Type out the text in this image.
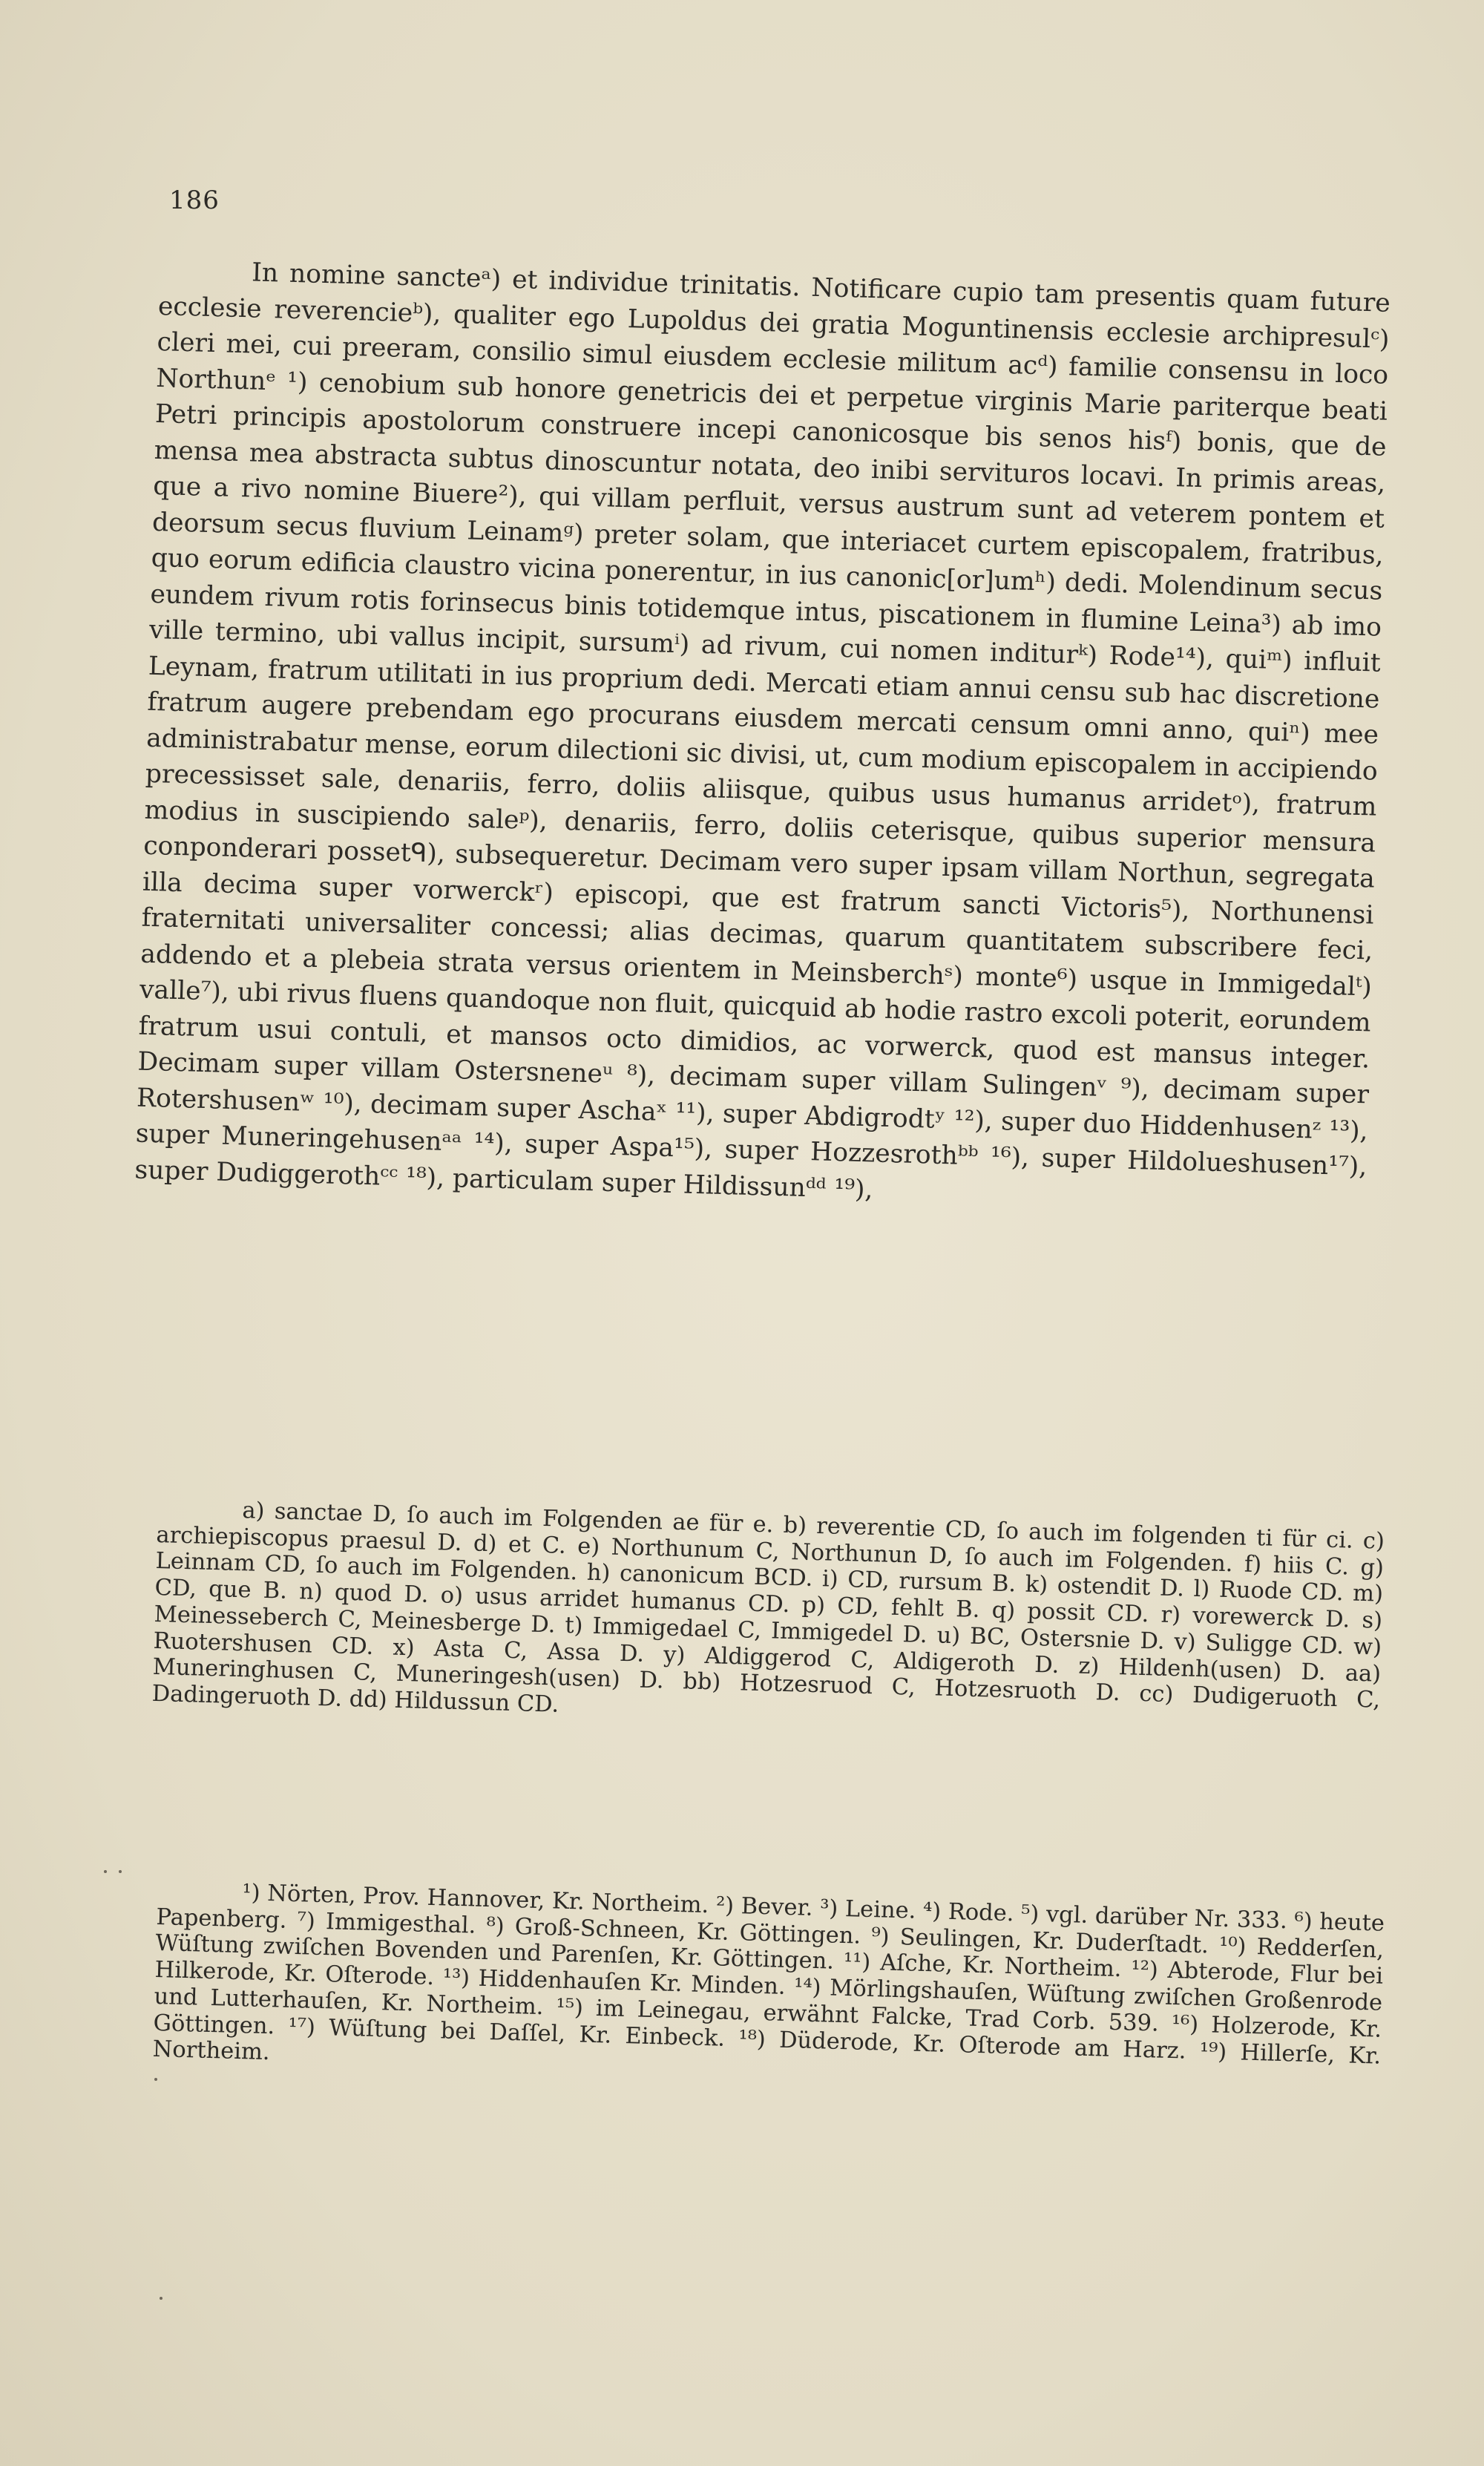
186

In nomine sancteᵃ) et individue trinitatis. Notificare cupio tam presentis quam future ecclesie reverencieᵇ), qualiter ego Lupoldus dei gratia Moguntinensis ecclesie archipresulᶜ) cleri mei, cui preeram, consilio simul eiusdem ecclesie militum acᵈ) familie consensu in loco Northunᵉ ¹) cenobium sub honore genetricis dei et perpetue virginis Marie pariterque beati Petri principis apostolorum construere incepi canonicosque bis senos hisᶠ) bonis, que de mensa mea abstracta subtus dinoscuntur notata, deo inibi servituros locavi. In primis areas, que a rivo nomine Biuere²), qui villam perfluit, versus austrum sunt ad veterem pontem et deorsum secus fluvium Leinamᵍ) preter solam, que interiacet curtem episcopalem, fratribus, quo eorum edificia claustro vicina ponerentur, in ius canonic[or]umʰ) dedi. Molendinum secus eundem rivum rotis forinsecus binis totidemque intus, piscationem in flumine Leina³) ab imo ville termino, ubi vallus incipit, sursumⁱ) ad rivum, cui nomen inditurᵏ) Rode¹⁴), quiᵐ) influit Leynam, fratrum utilitati in ius proprium dedi. Mercati etiam annui censu sub hac discretione fratrum augere prebendam ego procurans eiusdem mercati censum omni anno, quiⁿ) mee administrabatur mense, eorum dilectioni sic divisi, ut, cum modium episcopalem in accipiendo precessisset sale, denariis, ferro, doliis aliisque, quibus usus humanus arridetᵒ), fratrum modius in suscipiendo saleᵖ), denariis, ferro, doliis ceterisque, quibus superior mensura conponderari possetᑫ), subsequeretur. Decimam vero super ipsam villam Northun, segregata illa decima super vorwerckʳ) episcopi, que est fratrum sancti Victoris⁵), Northunensi fraternitati universaliter concessi; alias decimas, quarum quantitatem subscribere feci, addendo et a plebeia strata versus orientem in Meinsberchˢ) monte⁶) usque in Immigedalᵗ) valle⁷), ubi rivus fluens quandoque non fluit, quicquid ab hodie rastro excoli poterit, eorundem fratrum usui contuli, et mansos octo dimidios, ac vorwerck, quod est mansus integer. Decimam super villam Ostersneneᵘ ⁸), decimam super villam Sulingenᵛ ⁹), decimam super Rotershusenʷ ¹⁰), decimam super Aschaˣ ¹¹), super Abdigrodtʸ ¹²), super duo Hiddenhusenᶻ ¹³), super Muneringehusenᵃᵃ ¹⁴), super Aspa¹⁵), super Hozzesrothᵇᵇ ¹⁶), super Hildolueshusen¹⁷), super Dudiggerothᶜᶜ ¹⁸), particulam super Hildissunᵈᵈ ¹⁹),

a) sanctae D, ſo auch im Folgenden ae für e. b) reverentie CD, ſo auch im folgenden ti für ci. c) archiepiscopus praesul D. d) et C. e) Northunum C, Northunun D, ſo auch im Folgenden. f) hiis C. g) Leinnam CD, ſo auch im Folgenden. h) canonicum BCD. i) CD, rursum B. k) ostendit D. l) Ruode CD. m) CD, que B. n) quod D. o) usus arridet humanus CD. p) CD, fehlt B. q) possit CD. r) vorewerck D. s) Meinesseberch C, Meinesberge D. t) Immigedael C, Immigedel D. u) BC, Ostersnie D. v) Suligge CD. w) Ruotershusen CD. x) Asta C, Assa D. y) Aldiggerod C, Aldigeroth D. z) Hildenh(usen) D. aa) Muneringhusen C, Muneringesh(usen) D. bb) Hotzesruod C, Hotzesruoth D. cc) Dudigeruoth C, Dadingeruoth D. dd) Hildussun CD.

¹) Nörten, Prov. Hannover, Kr. Northeim. ²) Bever. ³) Leine. ⁴) Rode. ⁵) vgl. darüber Nr. 333. ⁶) heute Papenberg. ⁷) Immigesthal. ⁸) Groß-Schneen, Kr. Göttingen. ⁹) Seulingen, Kr. Duderſtadt. ¹⁰) Redderſen, Wüſtung zwiſchen Bovenden und Parenſen, Kr. Göttingen. ¹¹) Aſche, Kr. Northeim. ¹²) Abterode, Flur bei Hilkerode, Kr. Oſterode. ¹³) Hiddenhauſen Kr. Minden. ¹⁴) Mörlingshauſen, Wüſtung zwiſchen Großenrode und Lutterhauſen, Kr. Northeim. ¹⁵) im Leinegau, erwähnt Falcke, Trad Corb. 539. ¹⁶) Holzerode, Kr. Göttingen. ¹⁷) Wüſtung bei Daſſel, Kr. Einbeck. ¹⁸) Düderode, Kr. Oſterode am Harz. ¹⁹) Hillerſe, Kr. Northeim.
